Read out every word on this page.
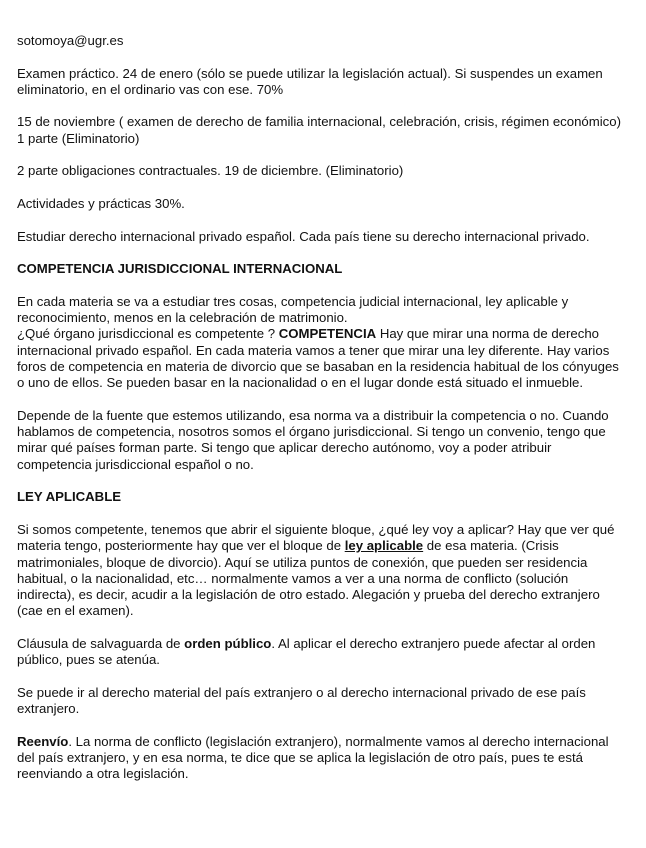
sotomoya@ugr.es

Examen práctico. 24 de enero (sólo se puede utilizar la legislación actual). Si suspendes un examen eliminatorio, en el ordinario vas con ese. 70%

15 de noviembre ( examen de derecho de familia internacional, celebración, crisis, régimen económico) 1 parte (Eliminatorio)

2 parte obligaciones contractuales. 19 de diciembre. (Eliminatorio)

Actividades y prácticas 30%.

Estudiar derecho internacional privado español. Cada país tiene su derecho internacional privado.

COMPETENCIA JURISDICCIONAL INTERNACIONAL

En cada materia se va a estudiar tres cosas, competencia judicial internacional, ley aplicable y reconocimiento, menos en la celebración de matrimonio.
¿Qué órgano jurisdiccional es competente ? COMPETENCIA Hay que mirar una norma de derecho internacional privado español. En cada materia vamos a tener que mirar una ley diferente. Hay varios foros de competencia en materia de divorcio que se basaban en la residencia habitual de los cónyuges o uno de ellos. Se pueden basar en la nacionalidad o en el lugar donde está situado el inmueble.

Depende de la fuente que estemos utilizando, esa norma va a distribuir la competencia o no. Cuando hablamos de competencia, nosotros somos el órgano jurisdiccional. Si tengo un convenio, tengo que mirar qué países forman parte. Si tengo que aplicar derecho autónomo, voy a poder atribuir competencia jurisdiccional español o no.

LEY APLICABLE

Si somos competente, tenemos que abrir el siguiente bloque, ¿qué ley voy a aplicar? Hay que ver qué materia tengo, posteriormente hay que ver el bloque de ley aplicable de esa materia. (Crisis matrimoniales, bloque de divorcio). Aquí se utiliza puntos de conexión, que pueden ser residencia habitual, o la nacionalidad, etc… normalmente vamos a ver a una norma de conflicto (solución indirecta), es decir, acudir a la legislación de otro estado. Alegación y prueba del derecho extranjero (cae en el examen).

Cláusula de salvaguarda de orden público. Al aplicar el derecho extranjero puede afectar al orden público, pues se atenúa.

Se puede ir al derecho material del país extranjero o al derecho internacional privado de ese país extranjero.

Reenvío. La norma de conflicto (legislación extranjero), normalmente vamos al derecho internacional del país extranjero, y en esa norma, te dice que se aplica la legislación de otro país, pues te está reenviando a otra legislación.
